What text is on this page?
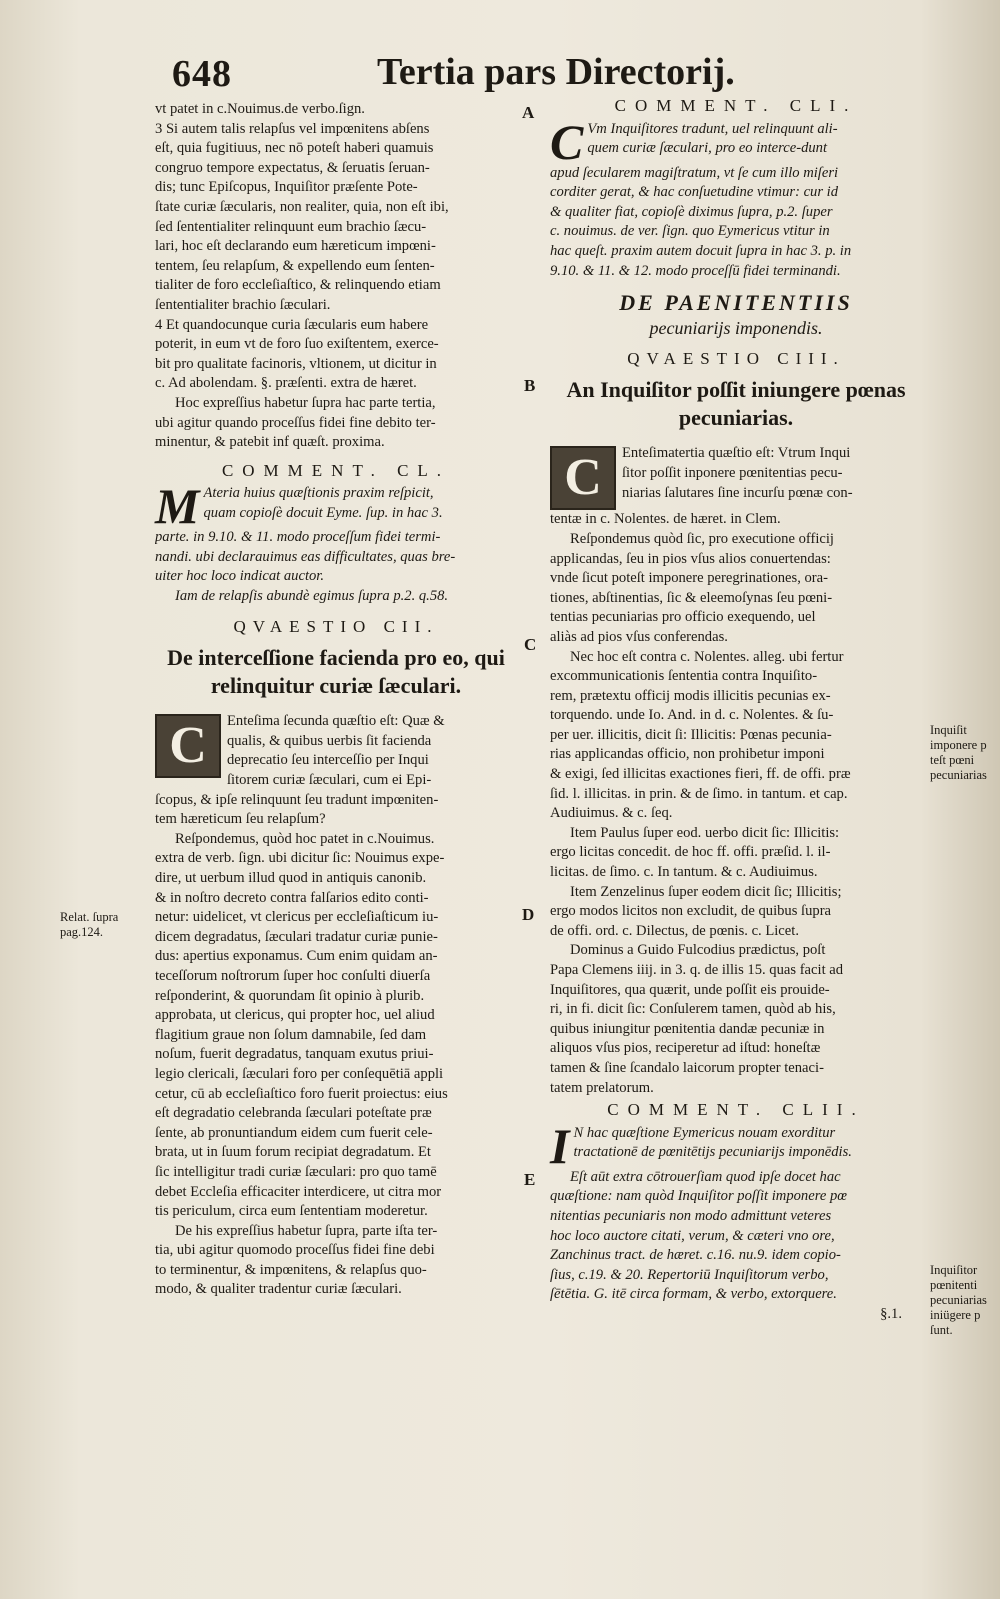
648	Tertia pars Directorij.
A
B
C
D
E
Relat. ſupra
pag.124.
Inquiſit
imponere p
teſt pœni
pecuniarias
Inquiſitor
pœnitenti
pecuniarias
iniügere p
ſunt.
vt patet in c.Nouimus.de verbo.ſign.
3 Si autem talis relapſus vel impœnitens abſens
eſt, quia fugitiuus, nec nō poteſt haberi quamuis
congruo tempore expectatus, & ſeruatis ſeruan-
dis; tunc Epiſcopus, Inquiſitor præſente Pote-
ſtate curiæ ſæcularis, non realiter, quia, non eſt ibi,
ſed ſententialiter relinquunt eum brachio ſæcu-
lari, hoc eſt declarando eum hæreticum impœni-
tentem, ſeu relapſum, & expellendo eum ſenten-
tialiter de foro eccleſiaſtico, & relinquendo etiam
ſententialiter brachio ſæculari.
4 Et quandocunque curia ſæcularis eum habere
poterit, in eum vt de foro ſuo exiſtentem, exerce-
bit pro qualitate facinoris, vltionem, ut dicitur in
c. Ad abolendam. §. præſenti. extra de hæret.
Hoc expreſſius habetur ſupra hac parte tertia,
ubi agitur quando proceſſus fidei fine debito ter-
minentur, & patebit inf quæſt. proxima.
COMMENT. CL.
M Ateria huius quæſtionis praxim reſpicit,
quam copioſè docuit Eyme. ſup. in hac 3.
parte. in 9.10. & 11. modo proceſſum fidei termi-
nandi. ubi declarauimus eas difficultates, quas bre-
uiter hoc loco indicat auctor.
Iam de relapſis abundè egimus ſupra p.2. q.58.
QVAESTIO CII.
De interceſſione facienda pro eo, qui relinquitur curiæ ſæculari.
C	Enteſima ſecunda quæſtio eſt: Quæ &
qualis, & quibus uerbis ſit facienda
deprecatio ſeu interceſſio per Inqui
ſitorem curiæ ſæculari, cum ei Epi-
ſcopus, & ipſe relinquunt ſeu tradunt impœniten-
tem hæreticum ſeu relapſum?
Reſpondemus, quòd hoc patet in c.Nouimus.
extra de verb. ſign. ubi dicitur ſic: Nouimus expe-
dire, ut uerbum illud quod in antiquis canonib.
& in noſtro decreto contra falſarios edito conti-
netur: uidelicet, vt clericus per eccleſiaſticum iu-
dicem degradatus, ſæculari tradatur curiæ punie-
dus: apertius exponamus. Cum enim quidam an-
teceſſorum noſtrorum ſuper hoc conſulti diuerſa
reſponderint, & quorundam ſit opinio à plurib.
approbata, ut clericus, qui propter hoc, uel aliud
flagitium graue non ſolum damnabile, ſed dam
noſum, fuerit degradatus, tanquam exutus priui-
legio clericali, ſæculari foro per conſequētiā appli
cetur, cū ab eccleſiaſtico foro fuerit proiectus: eius
eſt degradatio celebranda ſæculari poteſtate præ
ſente, ab pronuntiandum eidem cum fuerit cele-
brata, ut in ſuum forum recipiat degradatum. Et
ſic intelligitur tradi curiæ ſæculari: pro quo tamē
debet Eccleſia efficaciter interdicere, ut citra mor
tis periculum, circa eum ſententiam moderetur.
De his expreſſius habetur ſupra, parte iſta ter-
tia, ubi agitur quomodo proceſſus fidei fine debi
to terminentur, & impœnitens, & relapſus quo-
modo, & qualiter tradentur curiæ ſæculari.
COMMENT. CLI.
C Vm Inquiſitores tradunt, uel relinquunt ali-
quem curiæ ſæculari, pro eo interce-dunt
apud ſecularem magiſtratum, vt ſe cum illo miſeri
corditer gerat, & hac conſuetudine vtimur: cur id
& qualiter fiat, copioſè diximus ſupra, p.2. ſuper
c. nouimus. de ver. ſign. quo Eymericus vtitur in
hac queſt. praxim autem docuit ſupra in hac 3. p. in
9.10. & 11. & 12. modo proceſſū fidei terminandi.
DE PAENITENTIIS
pecuniarijs imponendis.
QVAESTIO CIII.
An Inquiſitor poſſit iniungere pœnas pecuniarias.
C	Enteſimatertia quæſtio eſt: Vtrum Inqui
ſitor poſſit inponere pœnitentias pecu-
niarias ſalutares ſine incurſu pœnæ con-
tentæ in c. Nolentes. de hæret. in Clem.
Reſpondemus quòd ſic, pro executione officij
applicandas, ſeu in pios vſus alios conuertendas:
vnde ſicut poteſt imponere peregrinationes, ora-
tiones, abſtinentias, ſic & eleemoſynas ſeu pœni-
tentias pecuniarias pro officio exequendo, uel
aliàs ad pios vſus conferendas.
Nec hoc eſt contra c. Nolentes. alleg. ubi fertur
excommunicationis ſententia contra Inquiſito-
rem, prætextu officij modis illicitis pecunias ex-
torquendo. unde Io. And. in d. c. Nolentes. & ſu-
per uer. illicitis, dicit ſi: Illicitis: Pœnas pecunia-
rias applicandas officio, non prohibetur imponi
& exigi, ſed illicitas exactiones fieri, ff. de offi. præ
ſid. l. illicitas. in prin. & de ſimo. in tantum. et cap.
Audiuimus. & c. ſeq.
Item Paulus ſuper eod. uerbo dicit ſic: Illicitis:
ergo licitas concedit. de hoc ff. offi. præſid. l. il-
licitas. de ſimo. c. In tantum. & c. Audiuimus.
Item Zenzelinus ſuper eodem dicit ſic; Illicitis;
ergo modos licitos non excludit, de quibus ſupra
de offi. ord. c. Dilectus, de pœnis. c. Licet.
Dominus a Guido Fulcodius prædictus, poſt
Papa Clemens iiij. in 3. q. de illis 15. quas facit ad
Inquiſitores, qua quærit, unde poſſit eis prouide-
ri, in fi. dicit ſic: Conſulerem tamen, quòd ab his,
quibus iniungitur pœnitentia dandæ pecuniæ in
aliquos vſus pios, reciperetur ad iſtud: honeſtæ
tamen & ſine ſcandalo laicorum propter tenaci-
tatem prelatorum.
COMMENT. CLII.
I N hac quæſtione Eymericus nouam exorditur
tractationē de pœnitētijs pecuniarijs imponēdis.
Eſt aūt extra cōtrouerſiam quod ipſe docet hac
quæſtione: nam quòd Inquiſitor poſſit imponere pœ
nitentias pecuniaris non modo admittunt veteres
hoc loco auctore citati, verum, & cæteri vno ore,
Zanchinus tract. de hæret. c.16. nu.9. idem copio-
ſius, c.19. & 20. Repertoriū Inquiſitorum verbo,
ſētētia. G. itē circa formam, & verbo, extorquere.
§.1.
